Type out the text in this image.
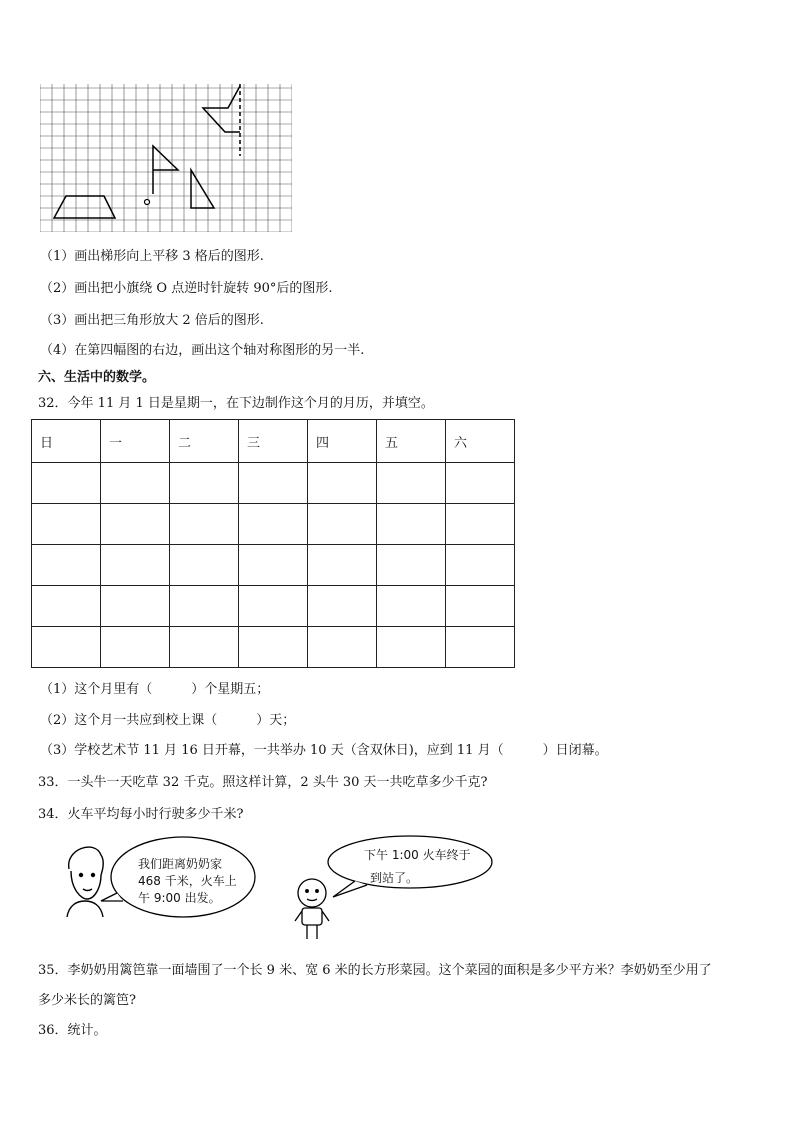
（1）画出梯形向上平移 3 格后的图形.
（2）画出把小旗绕 O 点逆时针旋转 90°后的图形.
（3）画出把三角形放大 2 倍后的图形.
（4）在第四幅图的右边，画出这个轴对称图形的另一半.
六、生活中的数学。
32．今年 11 月 1 日是星期一，在下边制作这个月的月历，并填空。
日	一	二	三	四	五	六

（1）这个月里有（　　　）个星期五；
（2）这个月一共应到校上课（　　　）天；
（3）学校艺术节 11 月 16 日开幕，一共举办 10 天（含双休日)，应到 11 月（　　　）日闭幕。
33．一头牛一天吃草 32 千克。照这样计算，2 头牛 30 天一共吃草多少千克?
34．火车平均每小时行驶多少千米?
我们距离奶奶家
468 千米，火车上
午 9:00 出发。
下午 1:00 火车终于
到站了。
35．李奶奶用篱笆靠一面墙围了一个长 9 米、宽 6 米的长方形菜园。这个菜园的面积是多少平方米？李奶奶至少用了
多少米长的篱笆?
36．统计。
